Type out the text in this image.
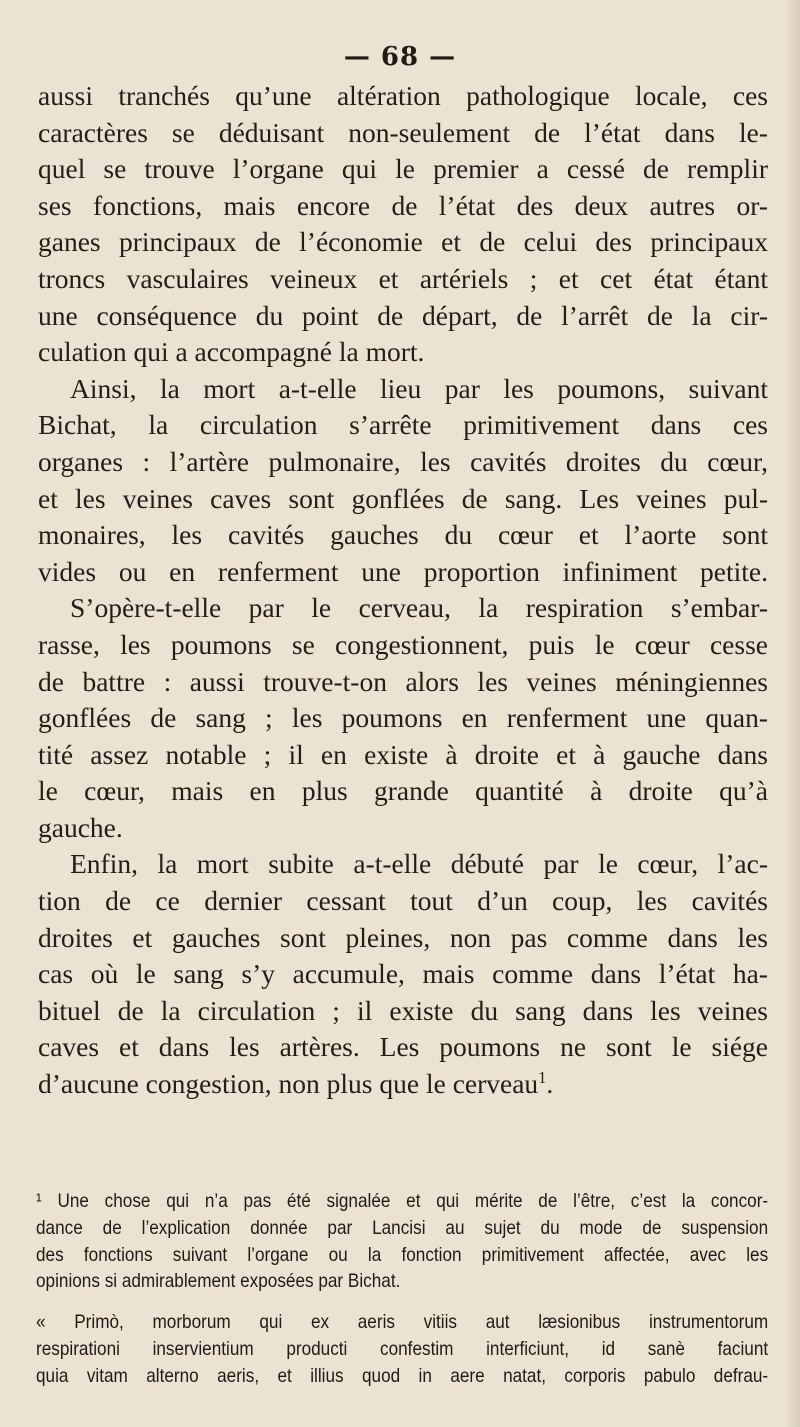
— 68 —
aussi tranchés qu’une altération pathologique locale, ces
caractères se déduisant non-seulement de l’état dans le-
quel se trouve l’organe qui le premier a cessé de remplir
ses fonctions, mais encore de l’état des deux autres or-
ganes principaux de l’économie et de celui des principaux
troncs vasculaires veineux et artériels ; et cet état étant
une conséquence du point de départ, de l’arrêt de la cir-
culation qui a accompagné la mort.
Ainsi, la mort a-t-elle lieu par les poumons, suivant
Bichat, la circulation s’arrête primitivement dans ces
organes : l’artère pulmonaire, les cavités droites du cœur,
et les veines caves sont gonflées de sang. Les veines pul-
monaires, les cavités gauches du cœur et l’aorte sont
vides ou en renferment une proportion infiniment petite.
S’opère-t-elle par le cerveau, la respiration s’embar-
rasse, les poumons se congestionnent, puis le cœur cesse
de battre : aussi trouve-t-on alors les veines méningiennes
gonflées de sang ; les poumons en renferment une quan-
tité assez notable ; il en existe à droite et à gauche dans
le cœur, mais en plus grande quantité à droite qu’à
gauche.
Enfin, la mort subite a-t-elle débuté par le cœur, l’ac-
tion de ce dernier cessant tout d’un coup, les cavités
droites et gauches sont pleines, non pas comme dans les
cas où le sang s’y accumule, mais comme dans l’état ha-
bituel de la circulation ; il existe du sang dans les veines
caves et dans les artères. Les poumons ne sont le siége
d’aucune congestion, non plus que le cerveau$^1$.
¹ Une chose qui n’a pas été signalée et qui mérite de l’être, c’est la concor-
dance de l’explication donnée par Lancisi au sujet du mode de suspension
des fonctions suivant l’organe ou la fonction primitivement affectée, avec les
opinions si admirablement exposées par Bichat.
« Primò, morborum qui ex aeris vitiis aut læsionibus instrumentorum
respirationi inservientium producti confestim interficiunt, id sanè faciunt
quia vitam alterno aeris, et illius quod in aere natat, corporis pabulo defrau-
